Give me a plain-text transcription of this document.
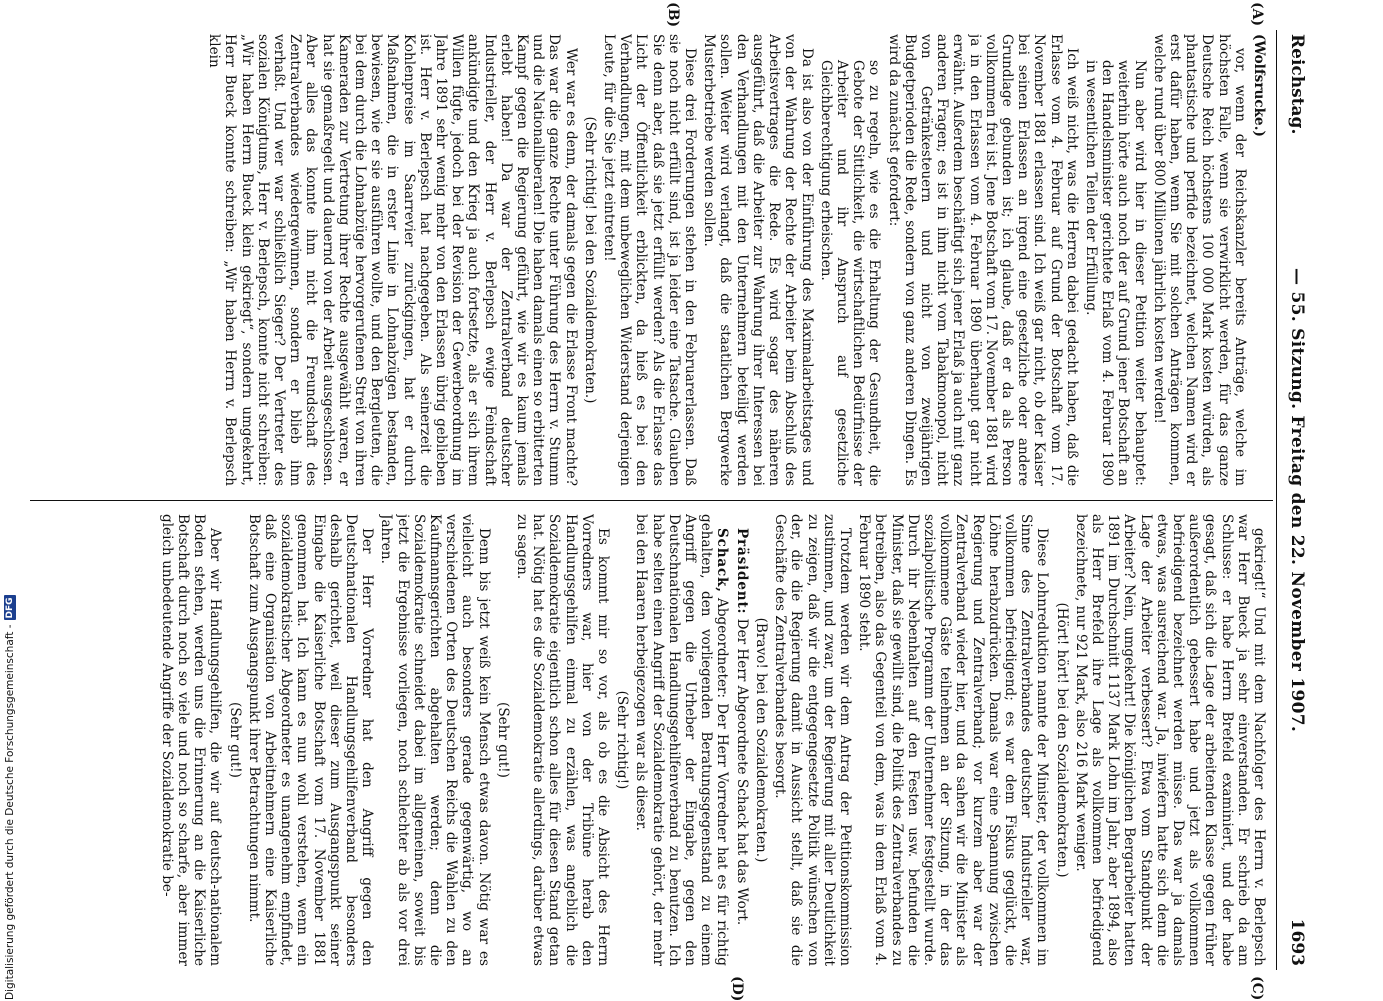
Reichstag.
— 55. Sitzung. Freitag den 22. November 1907.
1693
(A)
(B)
(C)
(D)

(Wolfsrucke.)

vor, wenn der Reichskanzler bereits Anträge, welche im höchsten Falle, wenn sie verwirklicht werden, für das ganze Deutsche Reich höchstens 100 000 Mark kosten würden, als phantastische und perfide bezeichnet, welchen Namen wird er erst dafür haben, wenn Sie mit solchen Anträgen kommen, welche rund über 800 Millionen jährlich kosten werden!

Nun aber wird hier in dieser Petition weiter behauptet: weiterhin hörte auch noch der auf Grund jener Botschaft an den Handelsminister gerichtete Erlaß vom 4. Februar 1890 in wesentlichen Teilen der Erfüllung.

Ich weiß nicht, was die Herren dabei gedacht haben, daß die Erlasse vom 4. Februar auf Grund der Botschaft vom 17. November 1881 erlassen sind. Ich weiß gar nicht, ob der Kaiser bei seinen Erlassen an irgend eine gesetzliche oder andere Grundlage gebunden ist; ich glaube, daß er da als Person vollkommen frei ist. Jene Botschaft vom 17. November 1881 wird ja in den Erlassen vom 4. Februar 1890 überhaupt gar nicht erwähnt. Außerdem beschäftigt sich jener Erlaß ja auch mit ganz anderen Fragen; es ist in ihm nicht vom Tabakmonopol, nicht von Getränkesteuern und nicht von zweijährigen Budgetperioden die Rede, sondern von ganz anderen Dingen. Es wird da zunächst gefordert:

so zu regeln, wie es die Erhaltung der Gesundheit, die Gebote der Sittlichkeit, die wirtschaftlichen Bedürfnisse der Arbeiter und ihr Anspruch auf gesetzliche Gleichberechtigung erheischen.

Da ist also von der Einführung des Maximalarbeitstages und von der Wahrung der Rechte der Arbeiter beim Abschluß des Arbeitsvertrages die Rede. Es wird sogar des näheren ausgeführt, daß die Arbeiter zur Wahrung ihrer Interessen bei den Verhandlungen mit den Unternehmern beteiligt werden sollen. Weiter wird verlangt, daß die staatlichen Bergwerke Musterbetriebe werden sollen.

Diese drei Forderungen stehen in den Februarerlassen. Daß sie noch nicht erfüllt sind, ist ja leider eine Tatsache. Glauben Sie denn aber, daß sie jetzt erfüllt werden? Als die Erlasse das Licht der Öffentlichkeit erblickten, da hieß es bei den Verhandlungen, mit dem unbeweglichen Widerstand derjenigen Leute, für die Sie jetzt eintreten!

(Sehr richtig! bei den Sozialdemokraten.)

Wer war es denn, der damals gegen die Erlasse Front machte? Das war die ganze Rechte unter Führung des Herrn v. Stumm und die Nationalliberalen! Die haben damals einen so erbitterten Kampf gegen die Regierung geführt, wie wir es kaum jemals erlebt haben! Da war der Zentralverband deutscher Industrieller, der Herr v. Berlepsch ewige Feindschaft ankündigte und den Krieg ja auch fortsetzte, als er sich ihrem Willen fügte, jedoch bei der Revision der Gewerbeordnung im Jahre 1891 sehr wenig mehr von den Erlassen übrig geblieben ist. Herr v. Berlepsch hat nachgegeben. Als seinerzeit die Kohlenpreise im Saarrevier zurückgingen, hat er durch Maßnahmen, die in erster Linie in Lohnabzügen bestanden, bewiesen, wie er sie ausführen wollte, und den Bergleuten, die bei dem durch die Lohnabzüge hervorgerufenen Streit von ihren Kameraden zur Vertretung ihrer Rechte ausgewählt waren, er hat sie gemaßregelt und dauernd von der Arbeit ausgeschlossen. Aber alles das konnte ihm nicht die Freundschaft des Zentralverbandes wiedergewinnen, sondern er blieb ihm verhaßt. Und wer war schließlich Sieger? Der Vertreter des sozialen Königtums, Herr v. Berlepsch, konnte nicht schreiben: „Wir haben Herrn Bueck klein gekriegt“, sondern umgekehrt, Herr Bueck konnte schreiben: „Wir haben Herrn v. Berlepsch klein

gekriegt!“ Und mit dem Nachfolger des Herrn v. Berlepsch war Herr Bueck ja sehr einverstanden. Er schrieb da am Schlusse: er habe Herrn Brefeld examiniert, und der habe gesagt, daß sich die Lage der arbeitenden Klasse gegen früher außerordentlich gebessert habe und jetzt als vollkommen befriedigend bezeichnet werden müsse. Das war ja damals etwas, was ausreichend war. Ja, inwiefern hatte sich denn die Lage der Arbeiter verbessert? Etwa vom Standpunkt der Arbeiter? Nein, umgekehrt! Die königlichen Bergarbeiter hatten 1891 im Durchschnitt 1137 Mark Lohn im Jahr, aber 1894, also als Herr Brefeld ihre Lage als vollkommen befriedigend bezeichnete, nur 921 Mark, also 216 Mark weniger.

(Hört! hört! bei den Sozialdemokraten.)

Diese Lohnreduktion nannte der Minister, der vollkommen im Sinne des Zentralverbandes deutscher Industrieller war, vollkommen befriedigend; es war dem Fiskus geglückt, die Löhne herabzudrücken. Damals war eine Spannung zwischen Regierung und Zentralverband; vor kurzem aber war der Zentralverband wieder hier, und da sahen wir die Minister als vollkommene Gäste teilnehmen an der Sitzung, in der das sozialpolitische Programm der Unternehmer festgestellt wurde. Durch ihr Nebenhalten auf den Festen usw. befunden die Minister, daß sie gewillt sind, die Politik des Zentralverbandes zu betreiben, also das Gegenteil von dem, was in dem Erlaß vom 4. Februar 1890 steht.

Trotzdem werden wir dem Antrag der Petitionskommission zustimmen, und zwar, um der Regierung mit aller Deutlichkeit zu zeigen, daß wir die entgegengesetzte Politik wünschen von der, die die Regierung damit in Aussicht stellt, daß sie die Geschäfte des Zentralverbandes besorgt.

(Bravo! bei den Sozialdemokraten.)

Präsident: Der Herr Abgeordnete Schack hat das Wort.

Schack, Abgeordneter: Der Herr Vorredner hat es für richtig gehalten, den vorliegenden Beratungsgegenstand zu einem Angriff gegen die Urheber der Eingabe, gegen den Deutschnationalen Handlungsgehilfenverband zu benutzen. Ich habe selten einen Angriff der Sozialdemokratie gehört, der mehr bei den Haaren herbeigezogen war als dieser.

(Sehr richtig!)

Es kommt mir so vor, als ob es die Absicht des Herrn Vorredners war, hier von der Tribüne herab den Handlungsgehilfen einmal zu erzählen, was angeblich die Sozialdemokratie eigentlich schon alles für diesen Stand getan hat. Nötig hat es die Sozialdemokratie allerdings, darüber etwas zu sagen.

(Sehr gut!)

Denn bis jetzt weiß kein Mensch etwas davon. Nötig war es vielleicht auch besonders gerade gegenwärtig, wo an verschiedenen Orten des Deutschen Reichs die Wahlen zu den Kaufmannsgerichten abgehalten werden; denn die Sozialdemokratie schneidet dabei im allgemeinen, soweit bis jetzt die Ergebnisse vorliegen, noch schlechter ab als vor drei Jahren.

Der Herr Vorredner hat den Angriff gegen den Deutschnationalen Handlungsgehilfenverband besonders deshalb gerichtet, weil dieser zum Ausgangspunkt seiner Eingabe die Kaiserliche Botschaft vom 17. November 1881 genommen hat. Ich kann es nun wohl verstehen, wenn ein sozialdemokratischer Abgeordneter es unangenehm empfindet, daß eine Organisation von Arbeitnehmern eine Kaiserliche Botschaft zum Ausgangspunkt ihrer Betrachtungen nimmt.

(Sehr gut!)

Aber wir Handlungsgehilfen, die wir auf deutsch-nationalem Boden stehen, werden uns die Erinnerung an die Kaiserliche Botschaft durch noch so viele und noch so scharfe, aber immer gleich unbedeutende Angriffe der Sozialdemokratie be-

Digitalisierung gefördert durch die Deutsche Forschungsgemeinschaft -
DFG
